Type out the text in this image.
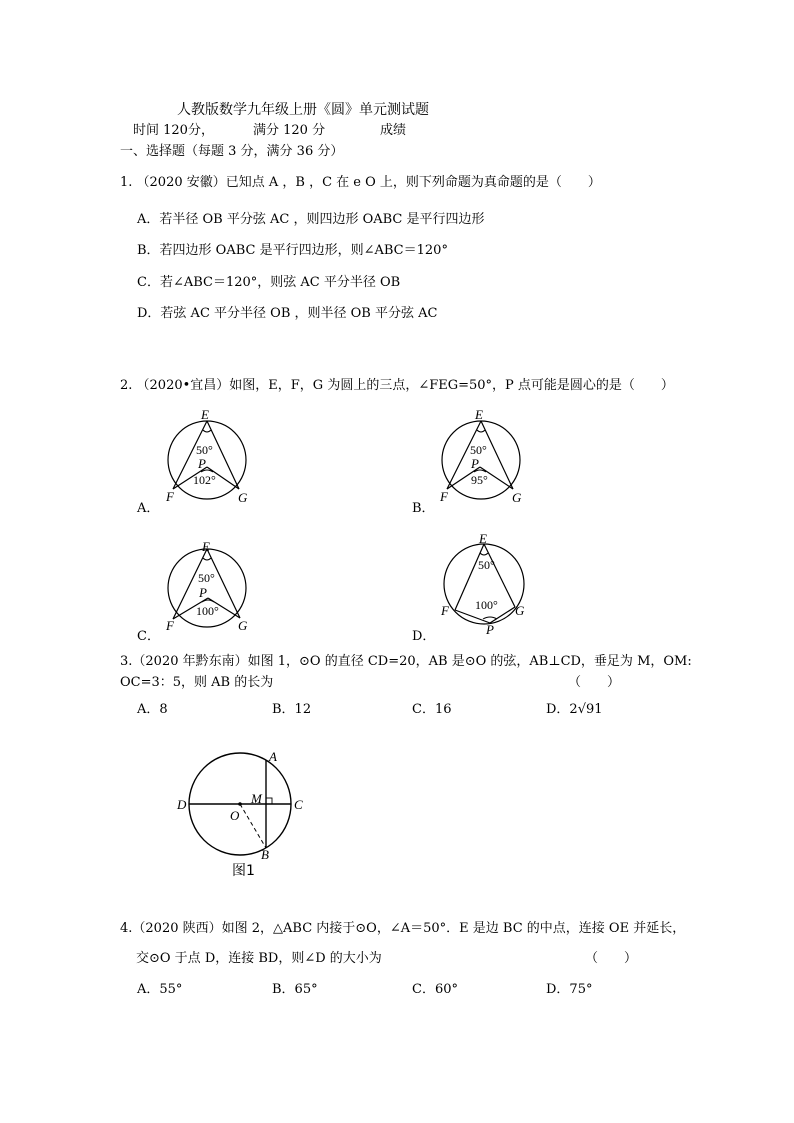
人教版数学九年级上册《圆》单元测试题
时间 120分，	满分 120 分	成绩
一、选择题（每题 3 分，满分 36 分）
1. （2020 安徽）已知点 A ，B ，C 在 e O 上，则下列命题为真命题的是（　　）
A．若半径 OB 平分弦 AC ，则四边形 OABC 是平行四边形
B．若四边形 OABC 是平行四边形，则∠ABC＝120°
C．若∠ABC＝120°，则弦 AC 平分半径 OB
D．若弦 AC 平分半径 OB ，则半径 OB 平分弦 AC
2. （2020•宜昌）如图，E，F，G 为圆上的三点，∠FEG=50°，P 点可能是圆心的是（　　）
E
50°
P
102°
F	G
A．
E
50°
P
95°
F	G
B．
E
50°
P
100°
F	G
C．
E
50°
100°
F	G
P
D．
3.（2020 年黔东南）如图 1，⊙O 的直径 CD=20，AB 是⊙O 的弦，AB⊥CD，垂足为 M，OM:
OC=3：5，则 AB 的长为	（　　）
A．8	B．12	C．16	D．2√91
A
D	C
M
O
B
图1
4.（2020 陕西）如图 2，△ABC 内接于⊙O，∠A＝50°．E 是边 BC 的中点，连接 OE 并延长，
交⊙O 于点 D，连接 BD，则∠D 的大小为	（　　）
A．55°	B．65°	C．60°	D．75°
